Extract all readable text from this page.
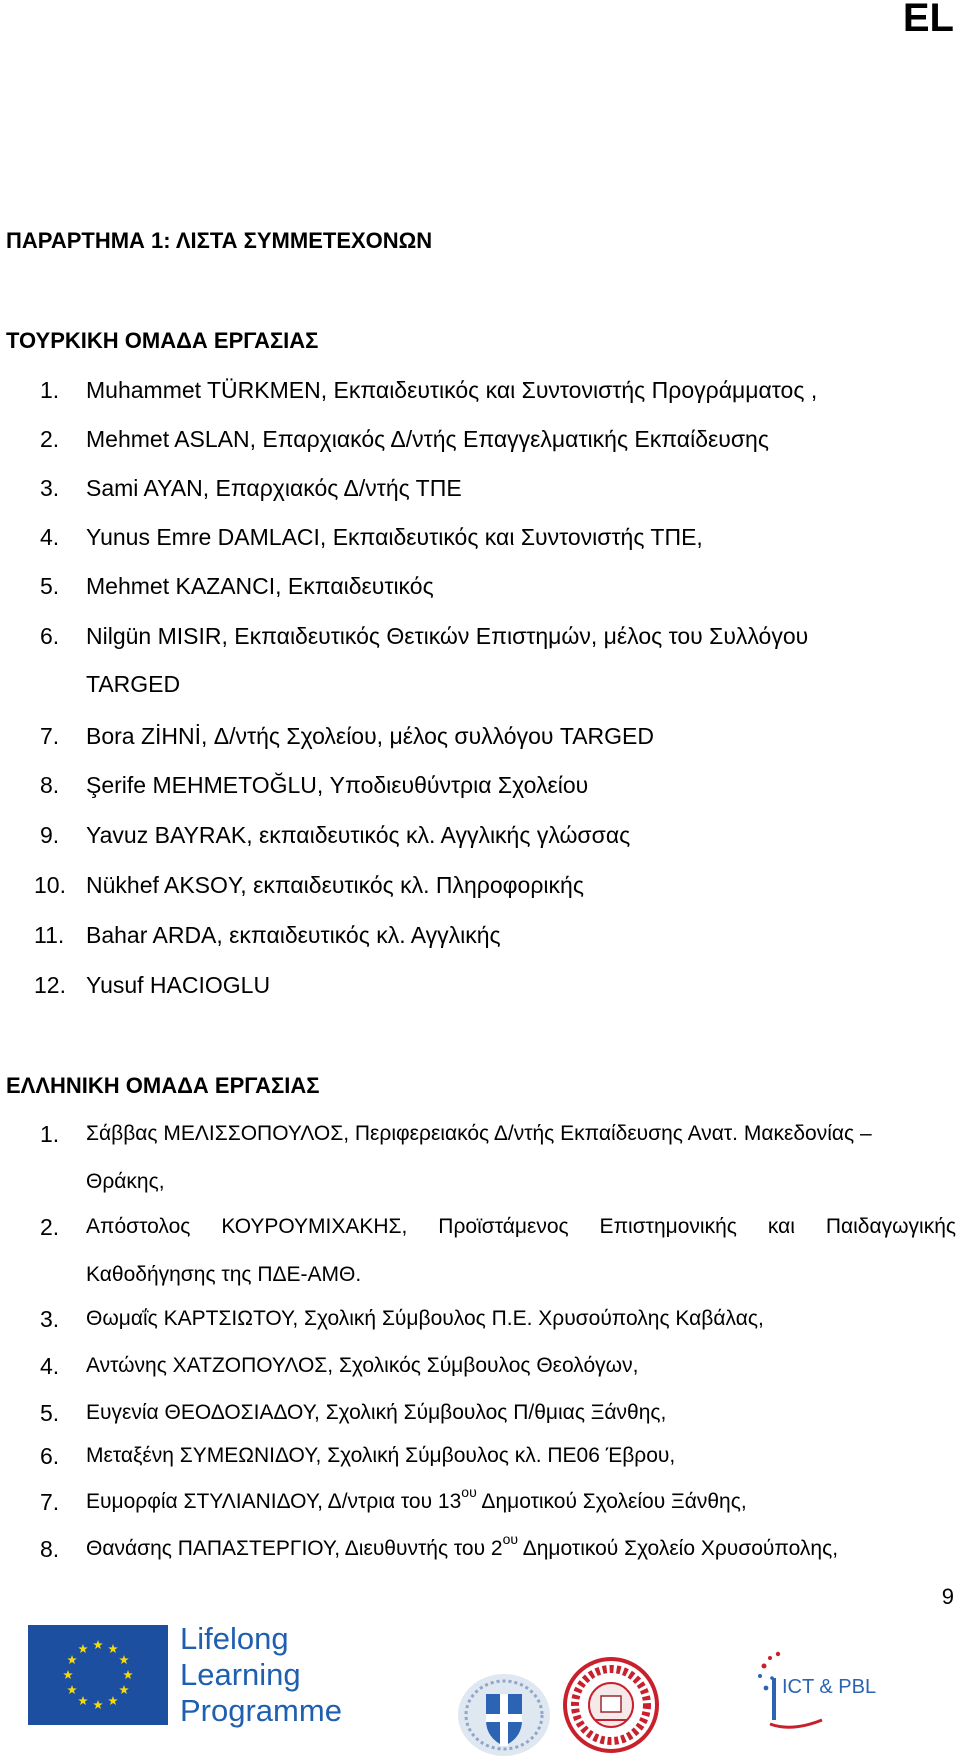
EL
ΠΑΡΑΡΤΗΜΑ 1: ΛΙΣΤΑ ΣΥΜΜΕΤΕΧΟΝΩΝ
ΤΟΥΡΚΙΚΗ ΟΜΑΔΑ ΕΡΓΑΣΙΑΣ
1. Muhammet TÜRKMEN, Εκπαιδευτικός και Συντονιστής Προγράμματος ,
2. Mehmet ASLAN, Επαρχιακός Δ/ντής Επαγγελματικής Εκπαίδευσης
3. Sami AYAN, Επαρχιακός Δ/ντής ΤΠΕ
4. Yunus Emre DAMLACI, Εκπαιδευτικός και Συντονιστής ΤΠΕ,
5. Mehmet KAZANCI, Εκπαιδευτικός
6. Nilgün MISIR, Εκπαιδευτικός Θετικών Επιστημών, μέλος του Συλλόγου
TARGED
7. Bora ZİHNİ, Δ/ντής Σχολείου, μέλος συλλόγου TARGED
8. Şerife MEHMETOĞLU, Υποδιευθύντρια Σχολείου
9. Yavuz BAYRAK, εκπαιδευτικός κλ. Αγγλικής γλώσσας
10. Nükhef AKSOY, εκπαιδευτικός κλ. Πληροφορικής
11. Bahar ARDA, εκπαιδευτικός κλ. Αγγλικής
12. Yusuf HACIOGLU
ΕΛΛΗΝΙΚΗ ΟΜΑΔΑ ΕΡΓΑΣΙΑΣ
1. Σάββας ΜΕΛΙΣΣΟΠΟΥΛΟΣ, Περιφερειακός Δ/ντής Εκπαίδευσης Ανατ. Μακεδονίας –
Θράκης,
2. Απόστολος ΚΟΥΡΟΥΜΙΧΑΚΗΣ, Προϊστάμενος Επιστημονικής και Παιδαγωγικής
Καθοδήγησης της ΠΔΕ-ΑΜΘ.
3. Θωμαΐς ΚΑΡΤΣΙΩΤΟΥ, Σχολική Σύμβουλος Π.Ε. Χρυσούπολης Καβάλας,
4. Αντώνης ΧΑΤΖΟΠΟΥΛΟΣ, Σχολικός Σύμβουλος Θεολόγων,
5. Ευγενία ΘΕΟΔΟΣΙΑΔΟΥ, Σχολική Σύμβουλος Π/θμιας Ξάνθης,
6. Μεταξένη ΣΥΜΕΩΝΙΔΟΥ, Σχολική Σύμβουλος κλ. ΠΕ06 Έβρου,
7. Ευμορφία ΣΤΥΛΙΑΝΙΔΟΥ, Δ/ντρια του $13^{o\upsilon}$ Δημοτικού Σχολείου Ξάνθης,
8. Θανάσης ΠΑΠΑΣΤΕΡΓΙΟΥ, Διευθυντής του $2^{o\upsilon}$ Δημοτικού Σχολείο Χρυσούπολης,
9
Lifelong
Learning
Programme
ICT & PBL
